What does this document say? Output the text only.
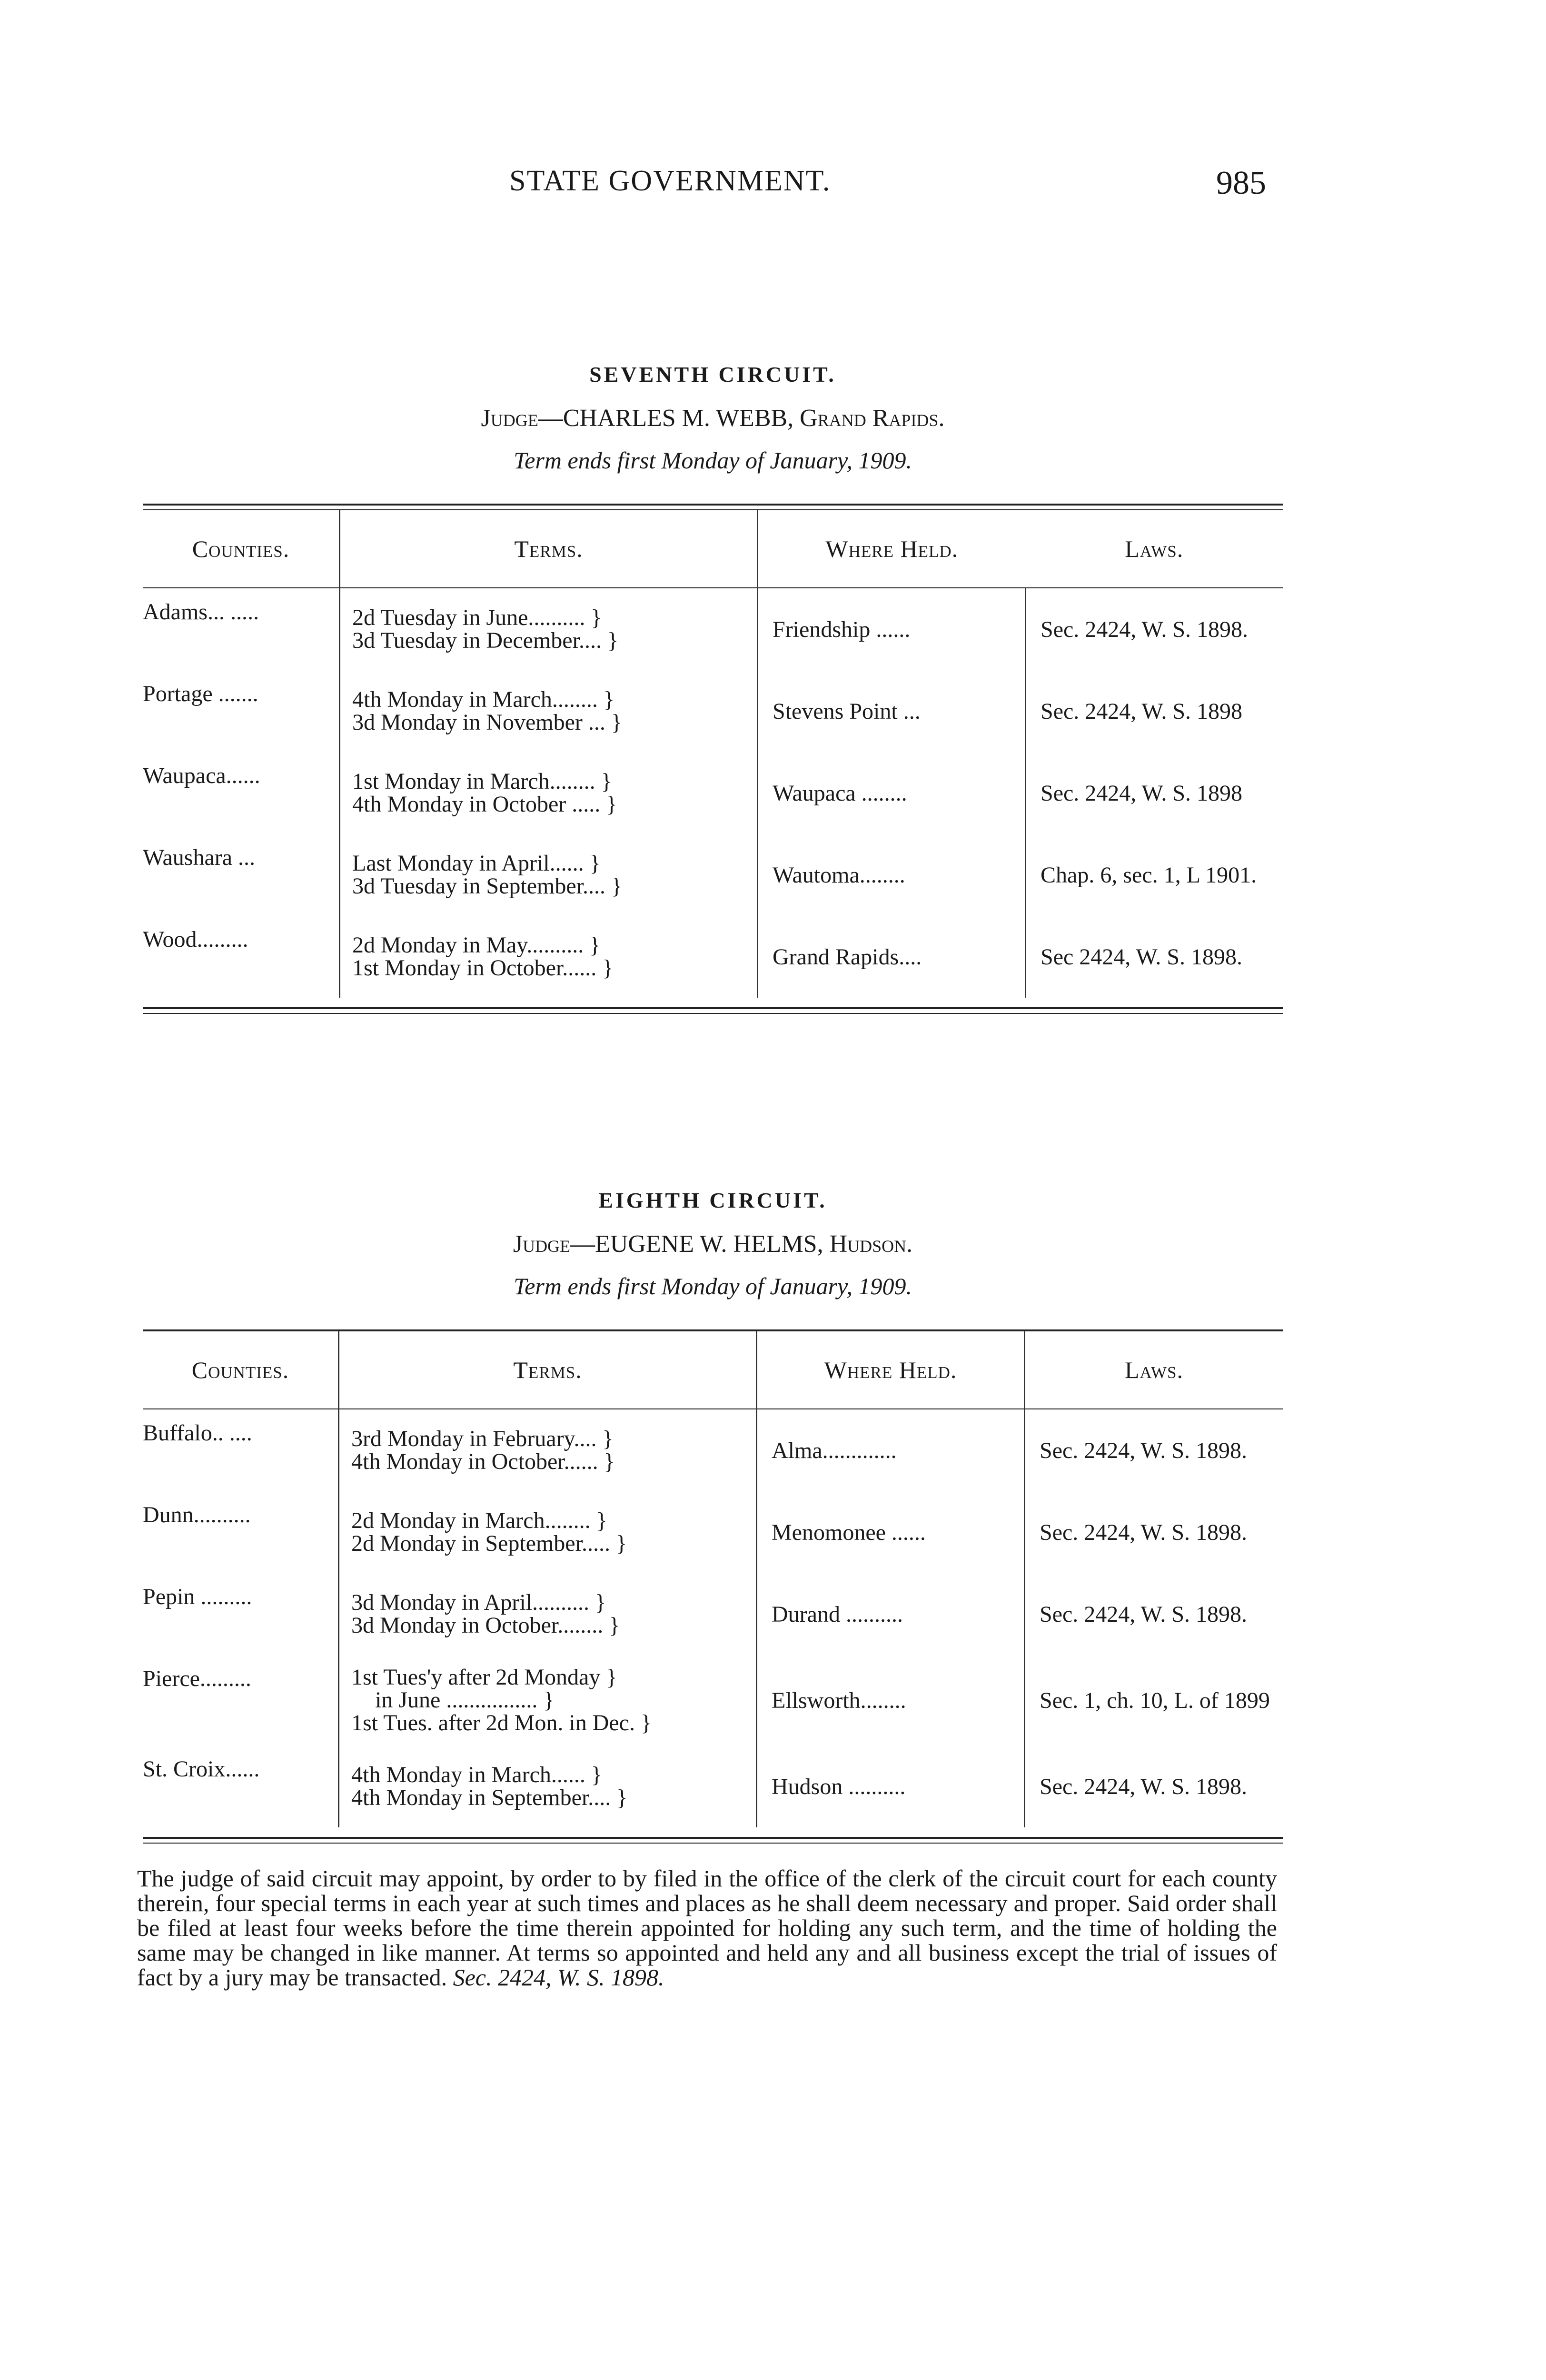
STATE GOVERNMENT.	985
SEVENTH CIRCUIT.
Judge—CHARLES M. WEBB, Grand Rapids.
Term ends first Monday of January, 1909.
Counties.	Terms.	Where Held.	Laws.
Adams... .....	2d Tuesday in June.......... }
3d Tuesday in December.... }	Friendship ......	Sec. 2424, W. S. 1898.
Portage .......	4th Monday in March........ }
3d Monday in November ... }	Stevens Point ...	Sec. 2424, W. S. 1898
Waupaca......	1st Monday in March........ }
4th Monday in October ..... }	Waupaca ........	Sec. 2424, W. S. 1898
Waushara ...	Last Monday in April...... }
3d Tuesday in September.... }	Wautoma........	Chap. 6, sec. 1, L 1901.
Wood.........	2d Monday in May.......... }
1st Monday in October...... }	Grand Rapids....	Sec 2424, W. S. 1898.
EIGHTH CIRCUIT.
Judge—EUGENE W. HELMS, Hudson.
Term ends first Monday of January, 1909.
Counties.	Terms.	Where Held.	Laws.
Buffalo.. ....	3rd Monday in February.... }
4th Monday in October...... }	Alma.............	Sec. 2424, W. S. 1898.
Dunn..........	2d Monday in March........ }
2d Monday in September..... }	Menomonee ......	Sec. 2424, W. S. 1898.
Pepin .........	3d Monday in April.......... }
3d Monday in October........ }	Durand ..........	Sec. 2424, W. S. 1898.
Pierce.........	1st Tues'y after 2d Monday }
in June ................ }
1st Tues. after 2d Mon. in Dec. }	Ellsworth........	Sec. 1, ch. 10, L. of 1899
St. Croix......	4th Monday in March...... }
4th Monday in September.... }	Hudson ..........	Sec. 2424, W. S. 1898.
The judge of said circuit may appoint, by order to by filed in the office of the clerk of the circuit court for each county therein, four special terms in each year at such times and places as he shall deem necessary and proper. Said order shall be filed at least four weeks before the time therein appointed for holding any such term, and the time of holding the same may be changed in like manner. At terms so appointed and held any and all business except the trial of issues of fact by a jury may be transacted. Sec. 2424, W. S. 1898.
